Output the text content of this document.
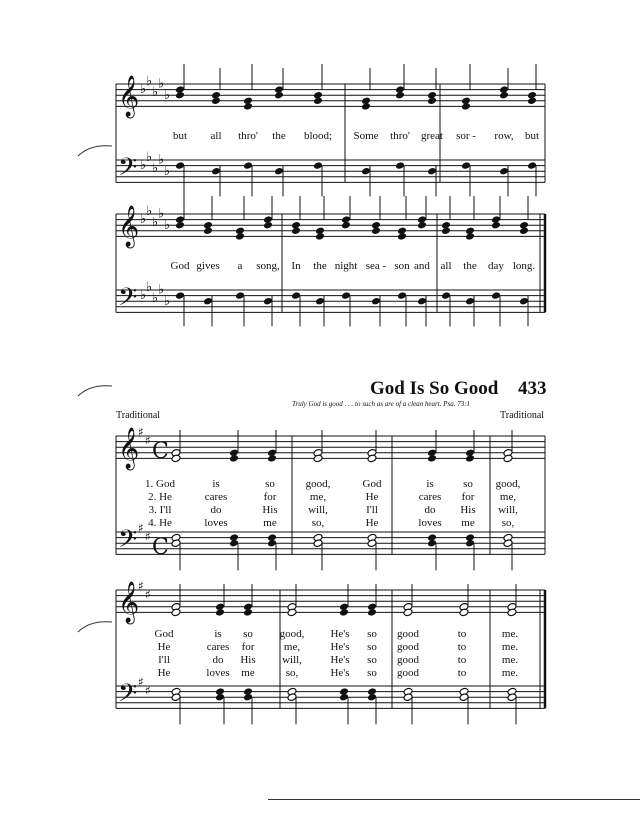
𝄞 ♭
♭
♭
♭
♭
𝄢 ♭
♭
♭
♭
♭
𝄞 ♭
♭
♭
♭
♭
𝄢 ♭
♭
♭
♭
♭
𝄞
♯
♯
𝄢 ♯
♯
C
C
𝄞
♯
♯
𝄢 ♯
♯
God Is So Good 433
Truly God is good . . . to such as are of a clean heart. Psa. 73:1
Traditional	Traditional
but all thro' the blood; Some thro' great sor - row, but
God gives a song, In the night sea - son and all the day long.
1. God	is	so	good,	God	is	so good,
2. He	cares	for	me,	He	cares for me,
3. I'll	do	His	will,	I'll	do His will,
4. He	loves	me	so,	He	loves me so,
God	is so good, He's so good	to	me.
He	cares for	me,	He's so good	to	me.
I'll	do His will,	He's so good	to	me.
He	loves me	so,	He's so good	to	me.
